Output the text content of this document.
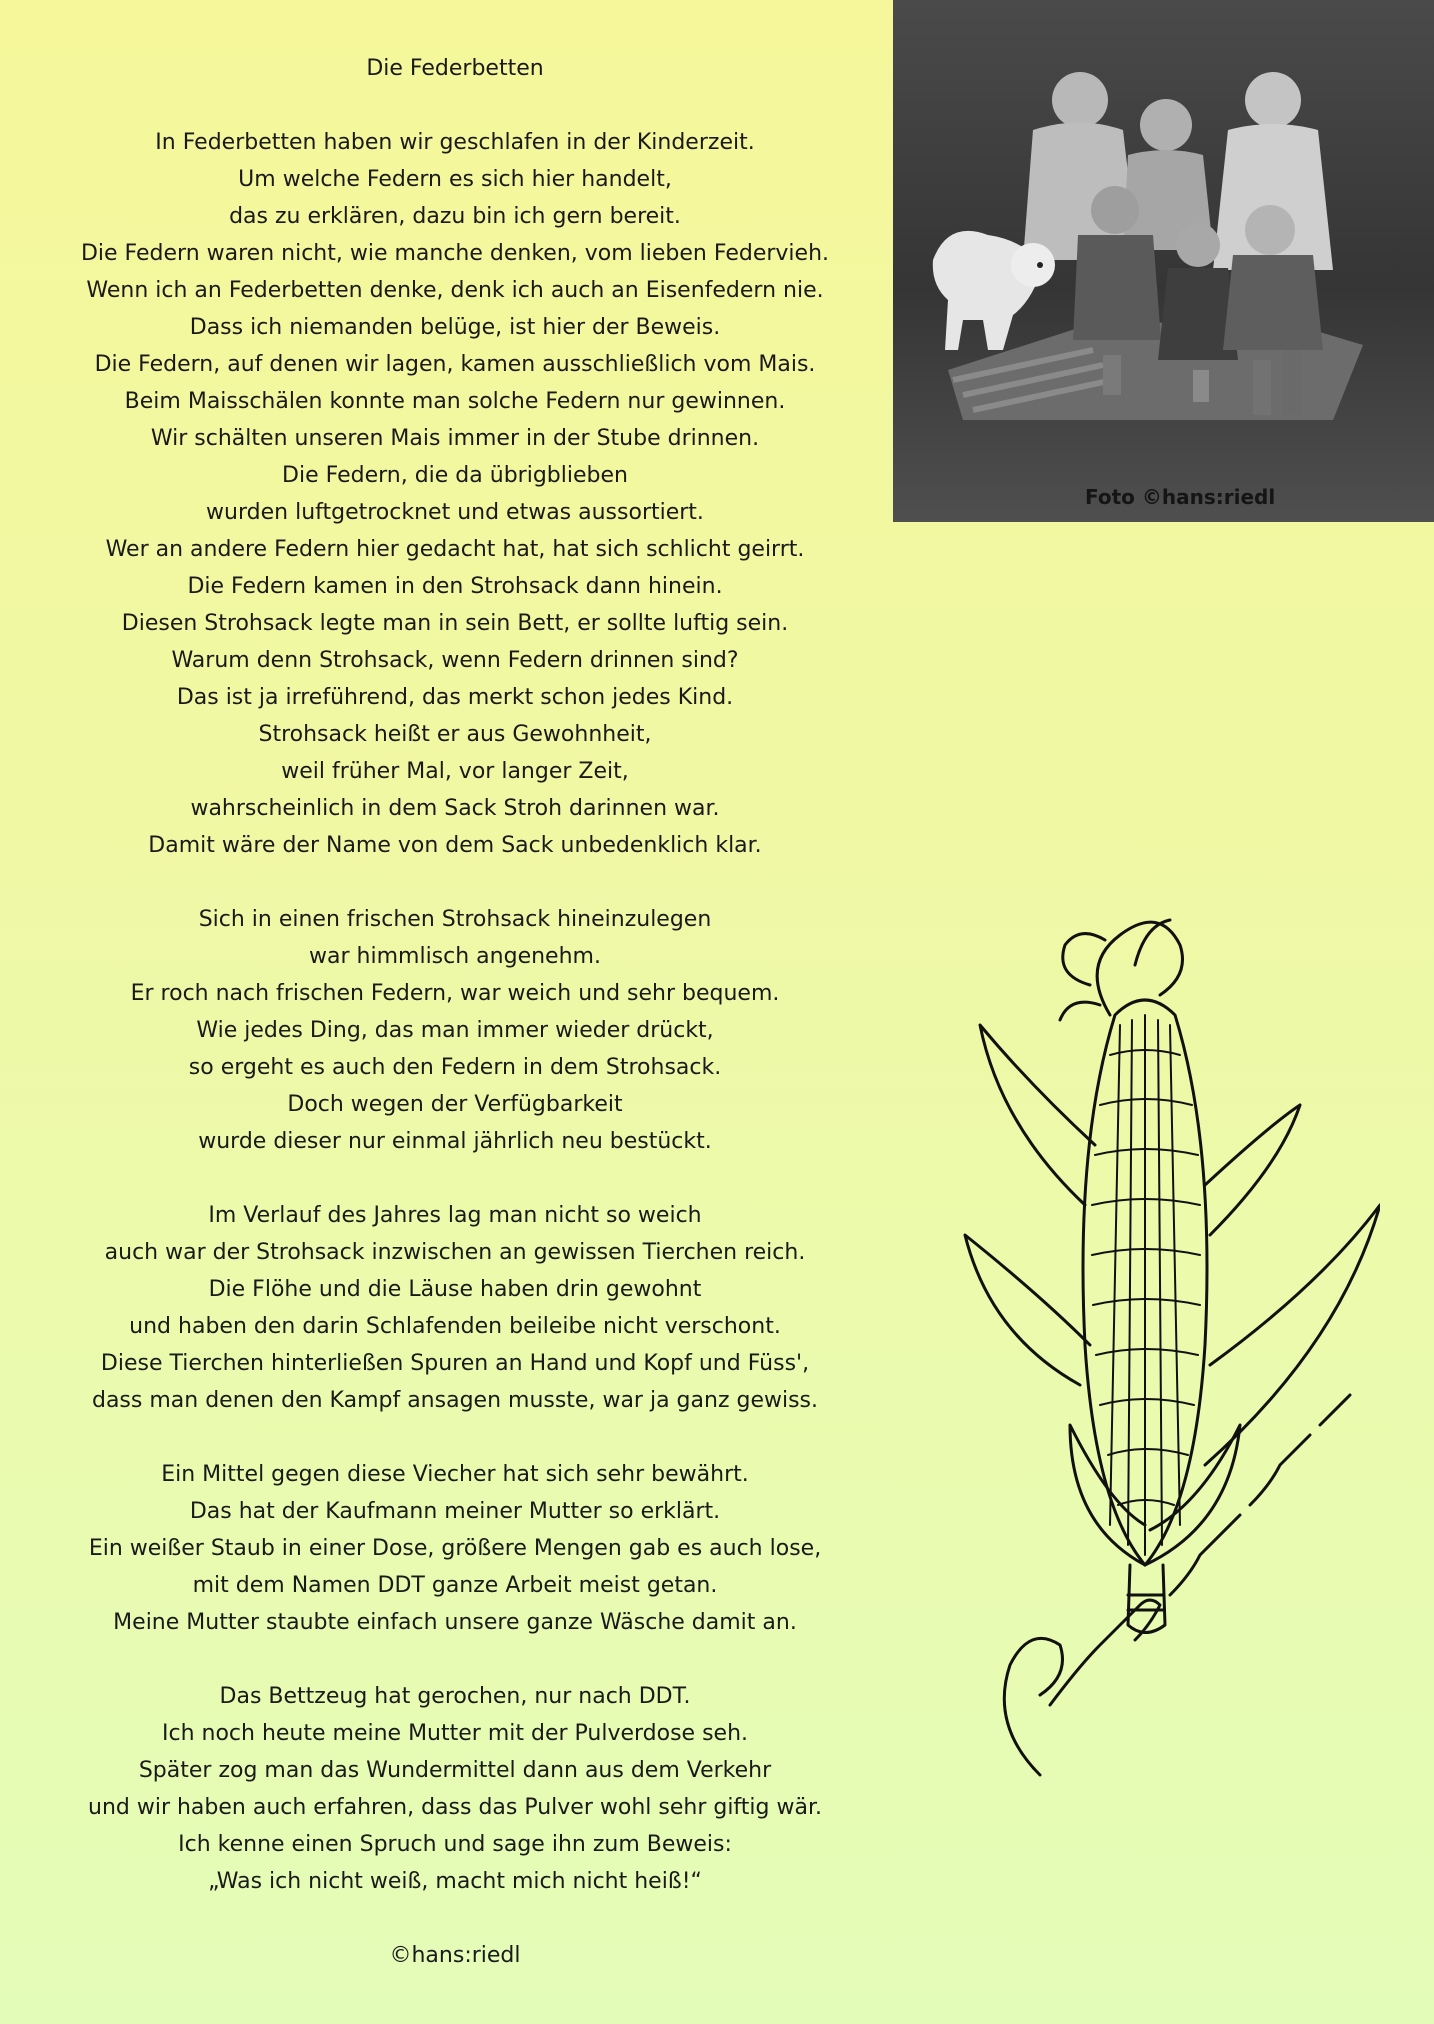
Die Federbetten
In Federbetten haben wir geschlafen in der Kinderzeit.
Um welche Federn es sich hier handelt,
das zu erklären, dazu bin ich gern bereit.
Die Federn waren nicht, wie manche denken, vom lieben Federvieh.
Wenn ich an Federbetten denke, denk ich auch an Eisenfedern nie.
Dass ich niemanden belüge, ist hier der Beweis.
Die Federn, auf denen wir lagen, kamen ausschließlich vom Mais.
Beim Maisschälen konnte man solche Federn nur gewinnen.
Wir schälten unseren Mais immer in der Stube drinnen.
Die Federn, die da übrigblieben
wurden luftgetrocknet und etwas aussortiert.
Wer an andere Federn hier gedacht hat, hat sich schlicht geirrt.
Die Federn kamen in den Strohsack dann hinein.
Diesen Strohsack legte man in sein Bett, er sollte luftig sein.
Warum denn Strohsack, wenn Federn drinnen sind?
Das ist ja irreführend, das merkt schon jedes Kind.
Strohsack heißt er aus Gewohnheit,
weil früher Mal, vor langer Zeit,
wahrscheinlich in dem Sack Stroh darinnen war.
Damit wäre der Name von dem Sack unbedenklich klar.
Sich in einen frischen Strohsack hineinzulegen
war himmlisch angenehm.
Er roch nach frischen Federn, war weich und sehr bequem.
Wie jedes Ding, das man immer wieder drückt,
so ergeht es auch den Federn in dem Strohsack.
Doch wegen der Verfügbarkeit
wurde dieser nur einmal jährlich neu bestückt.
Im Verlauf des Jahres lag man nicht so weich
auch war der Strohsack inzwischen an gewissen Tierchen reich.
Die Flöhe und die Läuse haben drin gewohnt
und haben den darin Schlafenden beileibe nicht verschont.
Diese Tierchen hinterließen Spuren an Hand und Kopf und Füss',
dass man denen den Kampf ansagen musste, war ja ganz gewiss.
Ein Mittel gegen diese Viecher hat sich sehr bewährt.
Das hat der Kaufmann meiner Mutter so erklärt.
Ein weißer Staub in einer Dose, größere Mengen gab es auch lose,
mit dem Namen DDT ganze Arbeit meist getan.
Meine Mutter staubte einfach unsere ganze Wäsche damit an.
Das Bettzeug hat gerochen, nur nach DDT.
Ich noch heute meine Mutter mit der Pulverdose seh.
Später zog man das Wundermittel dann aus dem Verkehr
und wir haben auch erfahren, dass das Pulver wohl sehr giftig wär.
Ich kenne einen Spruch und sage ihn zum Beweis:
„Was ich nicht weiß, macht mich nicht heiß!“
©hans:riedl
Foto ©hans:riedl
